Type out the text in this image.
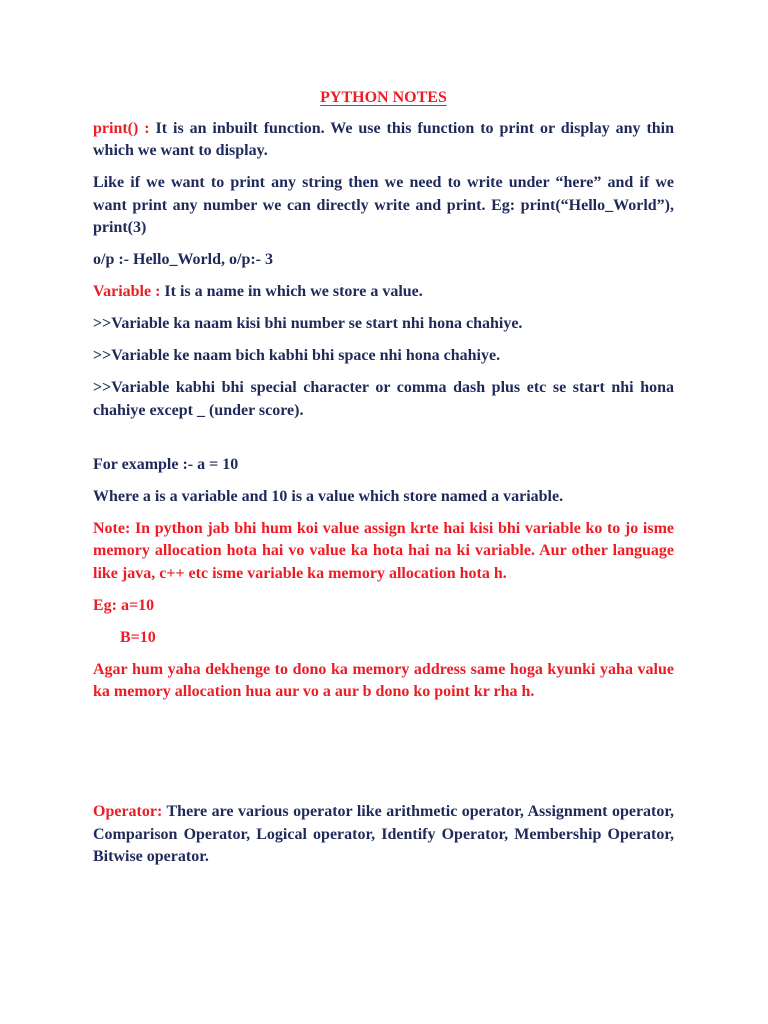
PYTHON NOTES

print() : It is an inbuilt function. We use this function to print or display any thin which we want to display.

Like if we want to print any string then we need to write under “here” and if we want print any number we can directly write and print. Eg: print(“Hello_World”), print(3)

o/p :- Hello_World, o/p:- 3

Variable : It is a name in which we store a value.

>>Variable ka naam kisi bhi number se start nhi hona chahiye.

>>Variable ke naam bich kabhi bhi space nhi hona chahiye.

>>Variable kabhi bhi special character or comma dash plus etc se start nhi hona chahiye except _ (under score).

For example :- a = 10

Where a is a variable and 10 is a value which store named a variable.

Note: In python jab bhi hum koi value assign krte hai kisi bhi variable ko to jo isme memory allocation hota hai vo value ka hota hai na ki variable. Aur other language like java, c++ etc isme variable ka memory allocation hota h.

Eg: a=10

B=10

Agar hum yaha dekhenge to dono ka memory address same hoga kyunki yaha value ka memory allocation hua aur vo a aur b dono ko point kr rha h.

Operator: There are various operator like arithmetic operator, Assignment operator, Comparison Operator, Logical operator, Identify Operator, Membership Operator, Bitwise operator.
